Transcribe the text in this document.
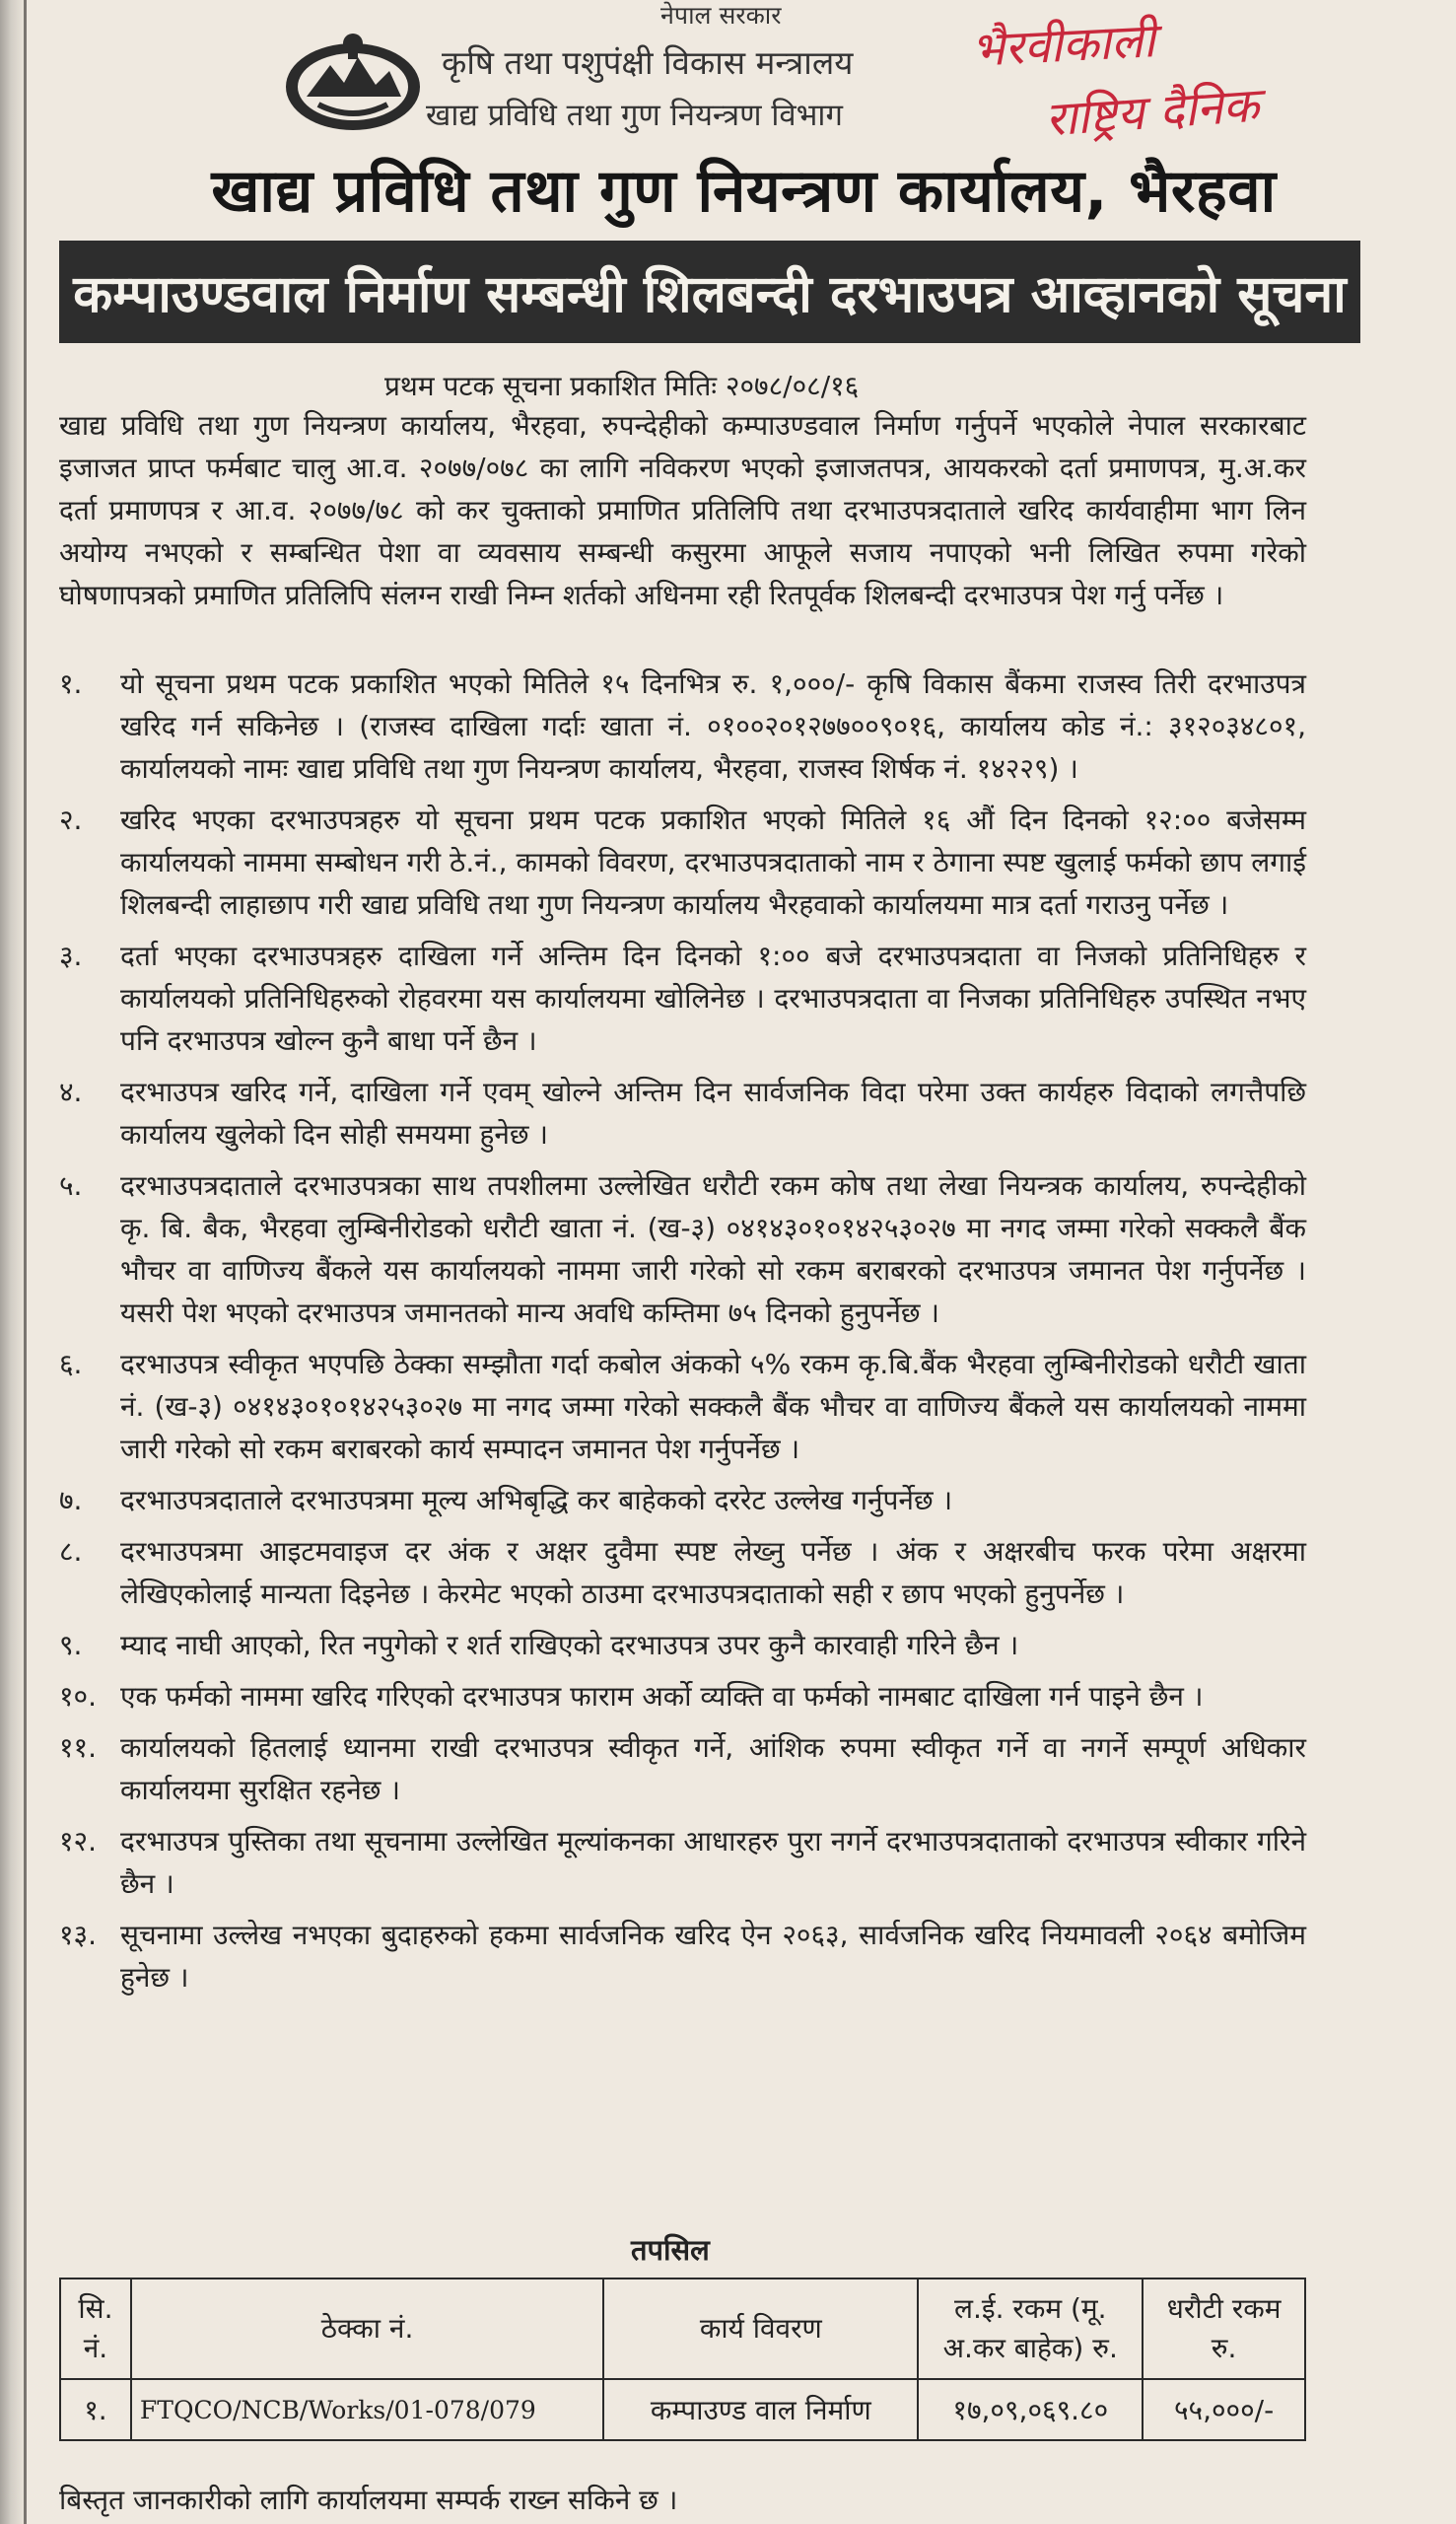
नेपाल सरकार
कृषि तथा पशुपंक्षी विकास मन्त्रालय
खाद्य प्रविधि तथा गुण नियन्त्रण विभाग
भैरवीकाली
राष्ट्रिय दैनिक
खाद्य प्रविधि तथा गुण नियन्त्रण कार्यालय, भैरहवा
कम्पाउण्डवाल निर्माण सम्बन्धी शिलबन्दी दरभाउपत्र आव्हानको सूचना
प्रथम पटक सूचना प्रकाशित मितिः २०७८/०८/१६

खाद्य प्रविधि तथा गुण नियन्त्रण कार्यालय, भैरहवा, रुपन्देहीको कम्पाउण्डवाल निर्माण गर्नुपर्ने भएकोले नेपाल सरकारबाट इजाजत प्राप्त फर्मबाट चालु आ.व. २०७७/०७८ का लागि नविकरण भएको इजाजतपत्र, आयकरको दर्ता प्रमाणपत्र, मु.अ.कर दर्ता प्रमाणपत्र र आ.व. २०७७/७८ को कर चुक्ताको प्रमाणित प्रतिलिपि तथा दरभाउपत्रदाताले खरिद कार्यवाहीमा भाग लिन अयोग्य नभएको र सम्बन्धित पेशा वा व्यवसाय सम्बन्धी कसुरमा आफूले सजाय नपाएको भनी लिखित रुपमा गरेको घोषणापत्रको प्रमाणित प्रतिलिपि संलग्न राखी निम्न शर्तको अधिनमा रही रितपूर्वक शिलबन्दी दरभाउपत्र पेश गर्नु पर्नेछ ।

१.	यो सूचना प्रथम पटक प्रकाशित भएको मितिले १५ दिनभित्र रु. १,०००/- कृषि विकास बैंकमा राजस्व तिरी दरभाउपत्र खरिद गर्न सकिनेछ । (राजस्व दाखिला गर्दाः खाता नं. ०१००२०१२७७००९०१६, कार्यालय कोड नं.: ३१२०३४८०१, कार्यालयको नामः खाद्य प्रविधि तथा गुण नियन्त्रण कार्यालय, भैरहवा, राजस्व शिर्षक नं. १४२२९) ।
२.	खरिद भएका दरभाउपत्रहरु यो सूचना प्रथम पटक प्रकाशित भएको मितिले १६ औं दिन दिनको १२:०० बजेसम्म कार्यालयको नाममा सम्बोधन गरी ठे.नं., कामको विवरण, दरभाउपत्रदाताको नाम र ठेगाना स्पष्ट खुलाई फर्मको छाप लगाई शिलबन्दी लाहाछाप गरी खाद्य प्रविधि तथा गुण नियन्त्रण कार्यालय भैरहवाको कार्यालयमा मात्र दर्ता गराउनु पर्नेछ ।
३.	दर्ता भएका दरभाउपत्रहरु दाखिला गर्ने अन्तिम दिन दिनको १:०० बजे दरभाउपत्रदाता वा निजको प्रतिनिधिहरु र कार्यालयको प्रतिनिधिहरुको रोहवरमा यस कार्यालयमा खोलिनेछ । दरभाउपत्रदाता वा निजका प्रतिनिधिहरु उपस्थित नभए पनि दरभाउपत्र खोल्न कुनै बाधा पर्ने छैन ।
४.	दरभाउपत्र खरिद गर्ने, दाखिला गर्ने एवम् खोल्ने अन्तिम दिन सार्वजनिक विदा परेमा उक्त कार्यहरु विदाको लगत्तैपछि कार्यालय खुलेको दिन सोही समयमा हुनेछ ।
५.	दरभाउपत्रदाताले दरभाउपत्रका साथ तपशीलमा उल्लेखित धरौटी रकम कोष तथा लेखा नियन्त्रक कार्यालय, रुपन्देहीको कृ. बि. बैक, भैरहवा लुम्बिनीरोडको धरौटी खाता नं. (ख-३) ०४१४३०१०१४२५३०२७ मा नगद जम्मा गरेको सक्कलै बैंक भौचर वा वाणिज्य बैंकले यस कार्यालयको नाममा जारी गरेको सो रकम बराबरको दरभाउपत्र जमानत पेश गर्नुपर्नेछ । यसरी पेश भएको दरभाउपत्र जमानतको मान्य अवधि कम्तिमा ७५ दिनको हुनुपर्नेछ ।
६.	दरभाउपत्र स्वीकृत भएपछि ठेक्का सम्झौता गर्दा कबोल अंकको ५% रकम कृ.बि.बैंक भैरहवा लुम्बिनीरोडको धरौटी खाता नं. (ख-३) ०४१४३०१०१४२५३०२७ मा नगद जम्मा गरेको सक्कलै बैंक भौचर वा वाणिज्य बैंकले यस कार्यालयको नाममा जारी गरेको सो रकम बराबरको कार्य सम्पादन जमानत पेश गर्नुपर्नेछ ।
७.	दरभाउपत्रदाताले दरभाउपत्रमा मूल्य अभिबृद्धि कर बाहेकको दररेट उल्लेख गर्नुपर्नेछ ।
८.	दरभाउपत्रमा आइटमवाइज दर अंक र अक्षर दुवैमा स्पष्ट लेख्नु पर्नेछ । अंक र अक्षरबीच फरक परेमा अक्षरमा लेखिएकोलाई मान्यता दिइनेछ । केरमेट भएको ठाउमा दरभाउपत्रदाताको सही र छाप भएको हुनुपर्नेछ ।
९.	म्याद नाघी आएको, रित नपुगेको र शर्त राखिएको दरभाउपत्र उपर कुनै कारवाही गरिने छैन ।
१०. एक फर्मको नाममा खरिद गरिएको दरभाउपत्र फाराम अर्को व्यक्ति वा फर्मको नामबाट दाखिला गर्न पाइने छैन ।
११. कार्यालयको हितलाई ध्यानमा राखी दरभाउपत्र स्वीकृत गर्ने, आंशिक रुपमा स्वीकृत गर्ने वा नगर्ने सम्पूर्ण अधिकार कार्यालयमा सुरक्षित रहनेछ ।
१२. दरभाउपत्र पुस्तिका तथा सूचनामा उल्लेखित मूल्यांकनका आधारहरु पुरा नगर्ने दरभाउपत्रदाताको दरभाउपत्र स्वीकार गरिने छैन ।
१३. सूचनामा उल्लेख नभएका बुदाहरुको हकमा सार्वजनिक खरिद ऐन २०६३, सार्वजनिक खरिद नियमावली २०६४ बमोजिम हुनेछ ।
तपसिल
सि. नं.	ठेक्का नं.	कार्य विवरण	ल.ई. रकम (मू. अ.कर बाहेक) रु.	धरौटी रकम रु.
१.	FTQCO/NCB/Works/01-078/079	कम्पाउण्ड वाल निर्माण	१७,०९,०६९.८०	५५,०००/-
बिस्तृत जानकारीको लागि कार्यालयमा सम्पर्क राख्न सकिने छ ।
